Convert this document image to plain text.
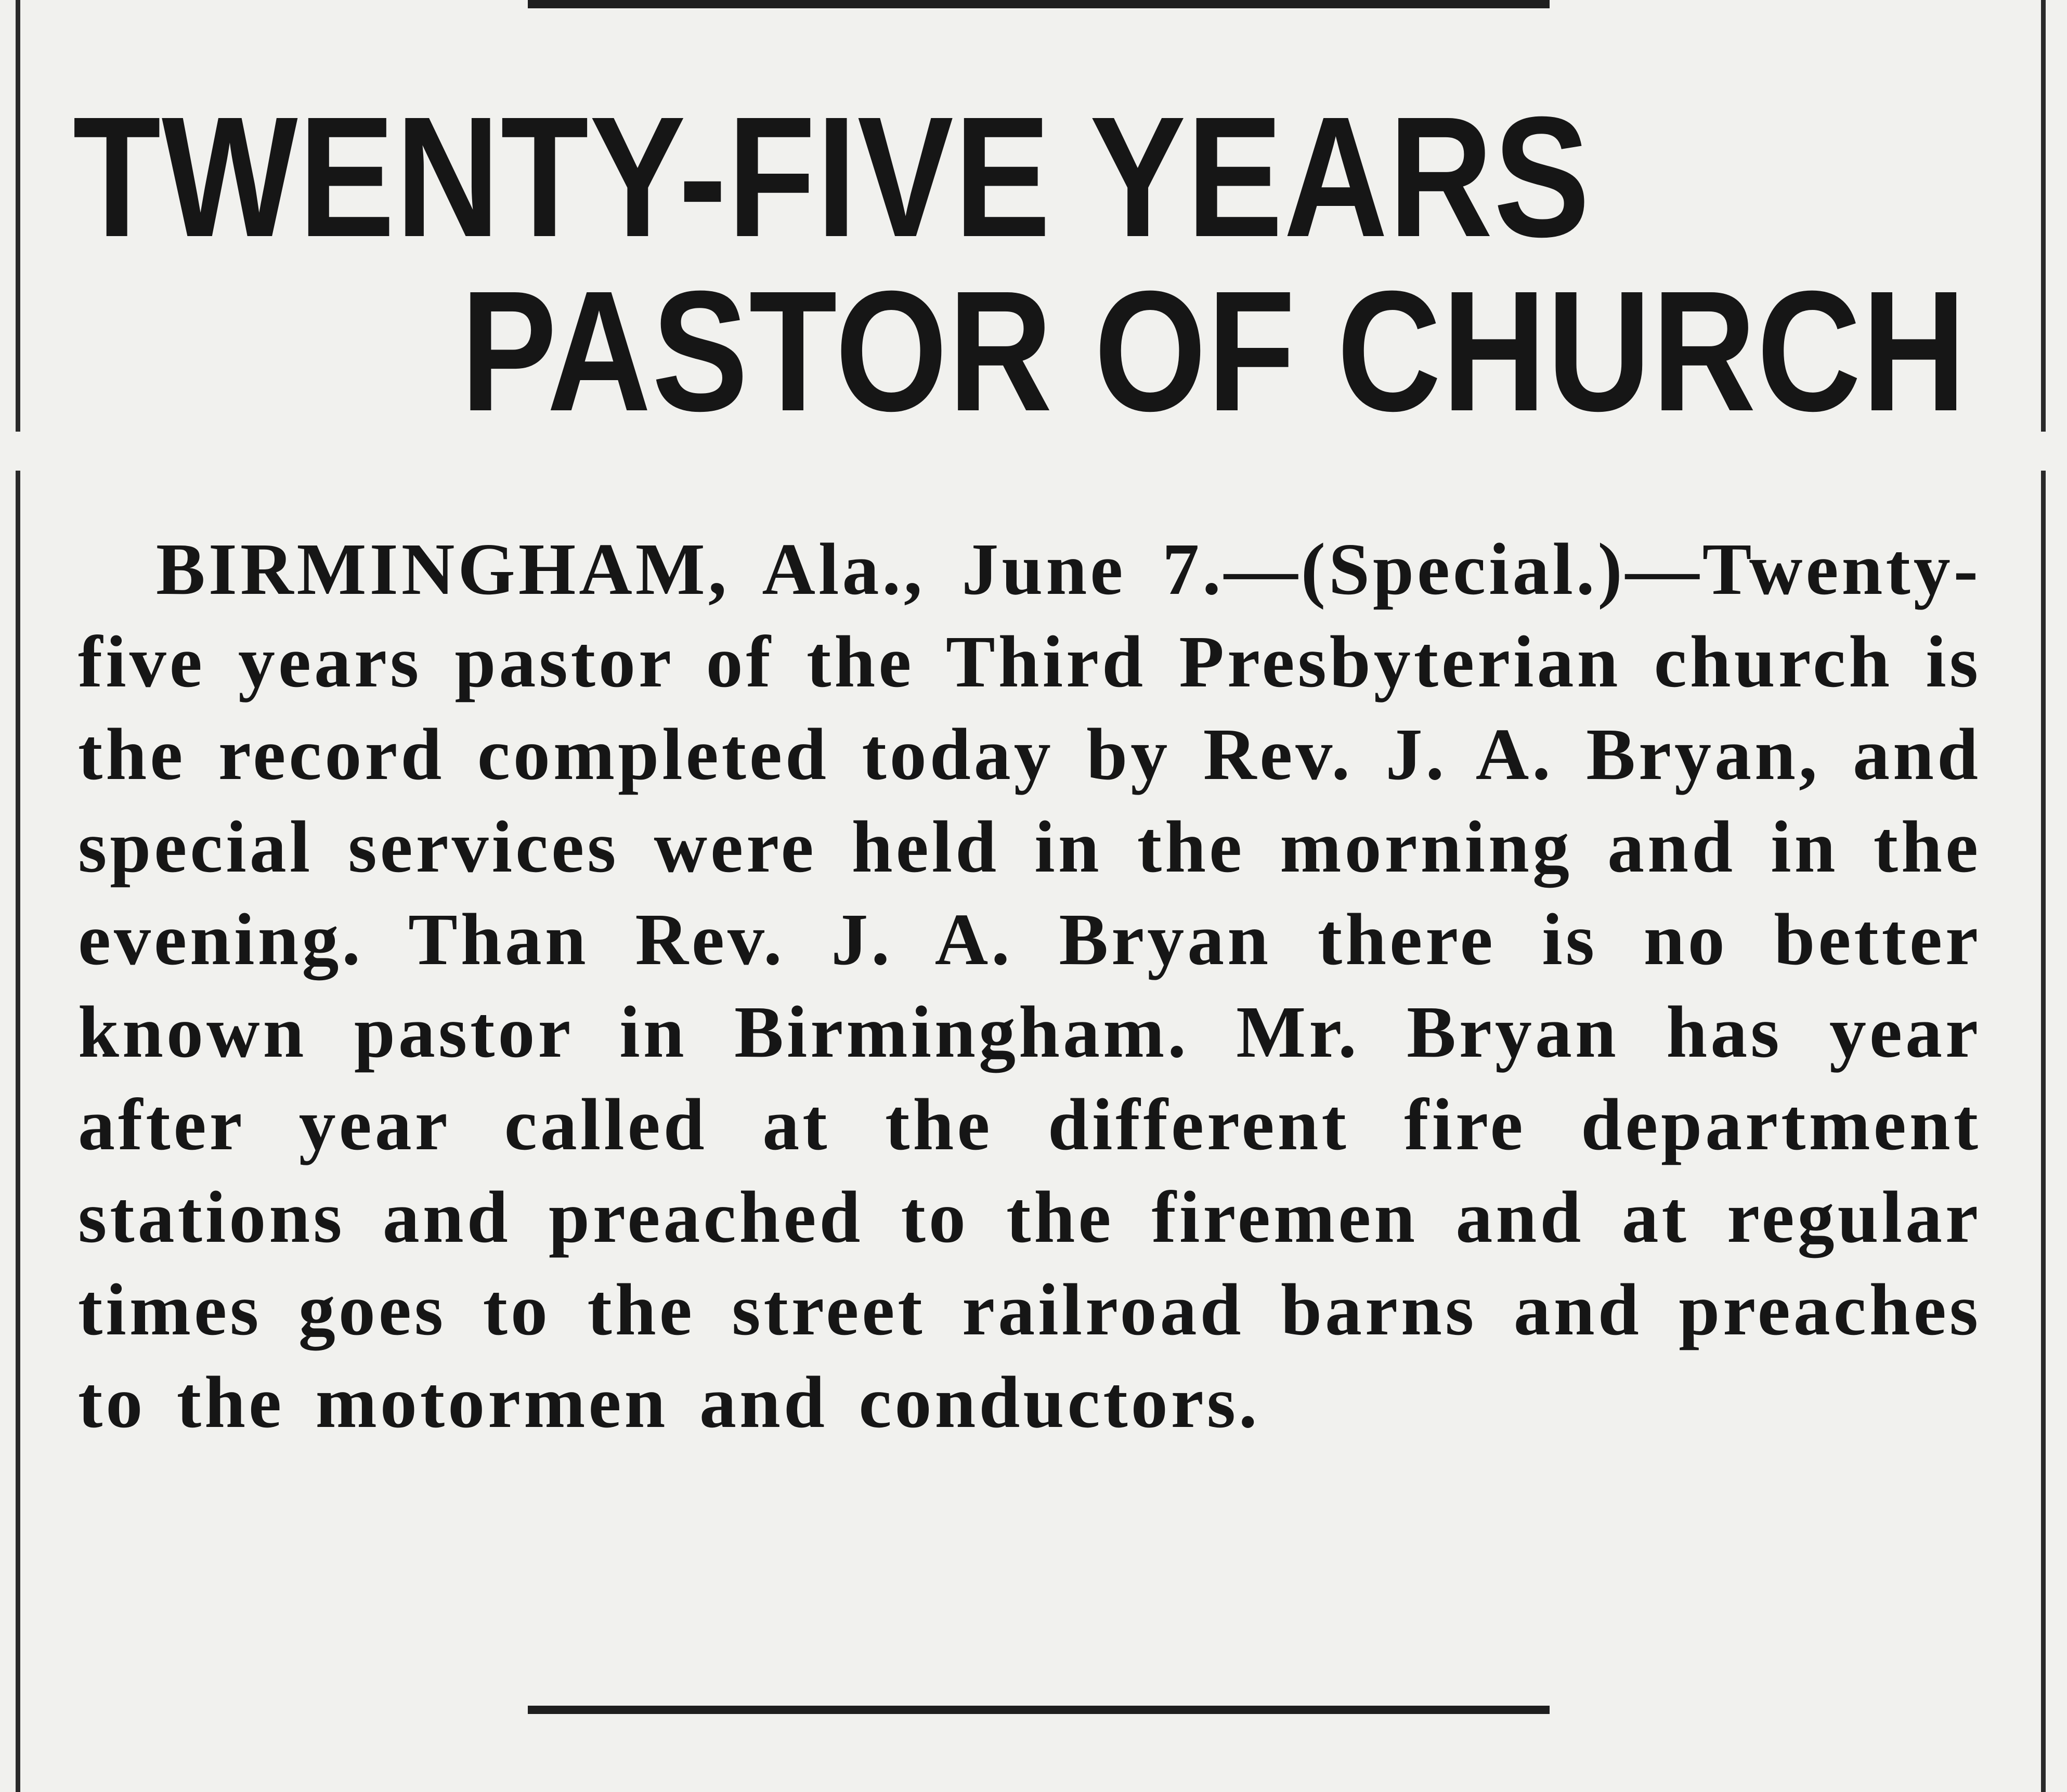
TWENTY-FIVE YEARS
PASTOR OF CHURCH

BIRMINGHAM, Ala., June 7.—(Special.)—Twenty-five years pastor of the Third Presbyterian church is the record completed today by Rev. J. A. Bryan, and special services were held in the morning and in the evening. Than Rev. J. A. Bryan there is no better known pastor in Birmingham. Mr. Bryan has year after year called at the different fire department stations and preached to the firemen and at regular times goes to the street railroad barns and preaches to the motormen and conductors.
